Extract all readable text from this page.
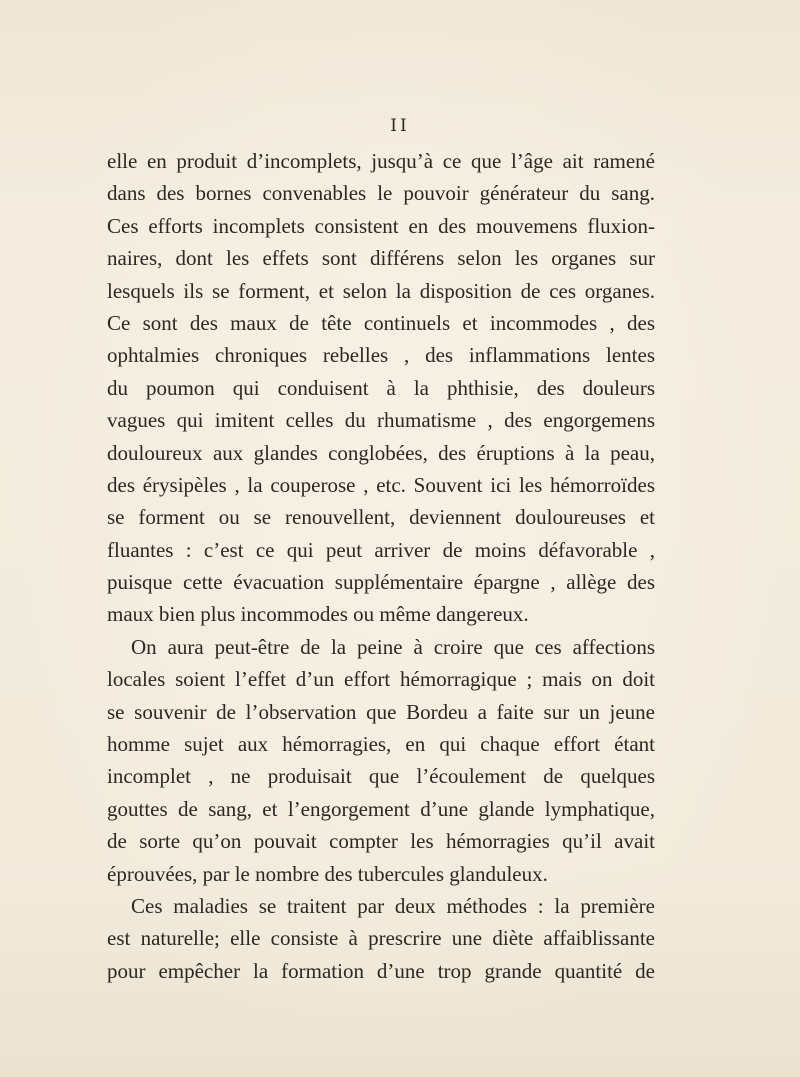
II
elle en produit d’incomplets, jusqu’à ce que l’âge ait ramené
dans des bornes convenables le pouvoir générateur du sang.
Ces efforts incomplets consistent en des mouvemens fluxion-
naires, dont les effets sont différens selon les organes sur
lesquels ils se forment, et selon la disposition de ces organes.
Ce sont des maux de tête continuels et incommodes , des
ophtalmies chroniques rebelles , des inflammations lentes
du poumon qui conduisent à la phthisie, des douleurs
vagues qui imitent celles du rhumatisme , des engorgemens
douloureux aux glandes conglobées, des éruptions à la peau,
des érysipèles , la couperose , etc. Souvent ici les hémorroïdes
se forment ou se renouvellent, deviennent douloureuses et
fluantes : c’est ce qui peut arriver de moins défavorable ,
puisque cette évacuation supplémentaire épargne , allège des
maux bien plus incommodes ou même dangereux.
On aura peut-être de la peine à croire que ces affections
locales soient l’effet d’un effort hémorragique ; mais on doit
se souvenir de l’observation que Bordeu a faite sur un jeune
homme sujet aux hémorragies, en qui chaque effort étant
incomplet , ne produisait que l’écoulement de quelques
gouttes de sang, et l’engorgement d’une glande lymphatique,
de sorte qu’on pouvait compter les hémorragies qu’il avait
éprouvées, par le nombre des tubercules glanduleux.
Ces maladies se traitent par deux méthodes : la première
est naturelle; elle consiste à prescrire une diète affaiblissante
pour empêcher la formation d’une trop grande quantité de
